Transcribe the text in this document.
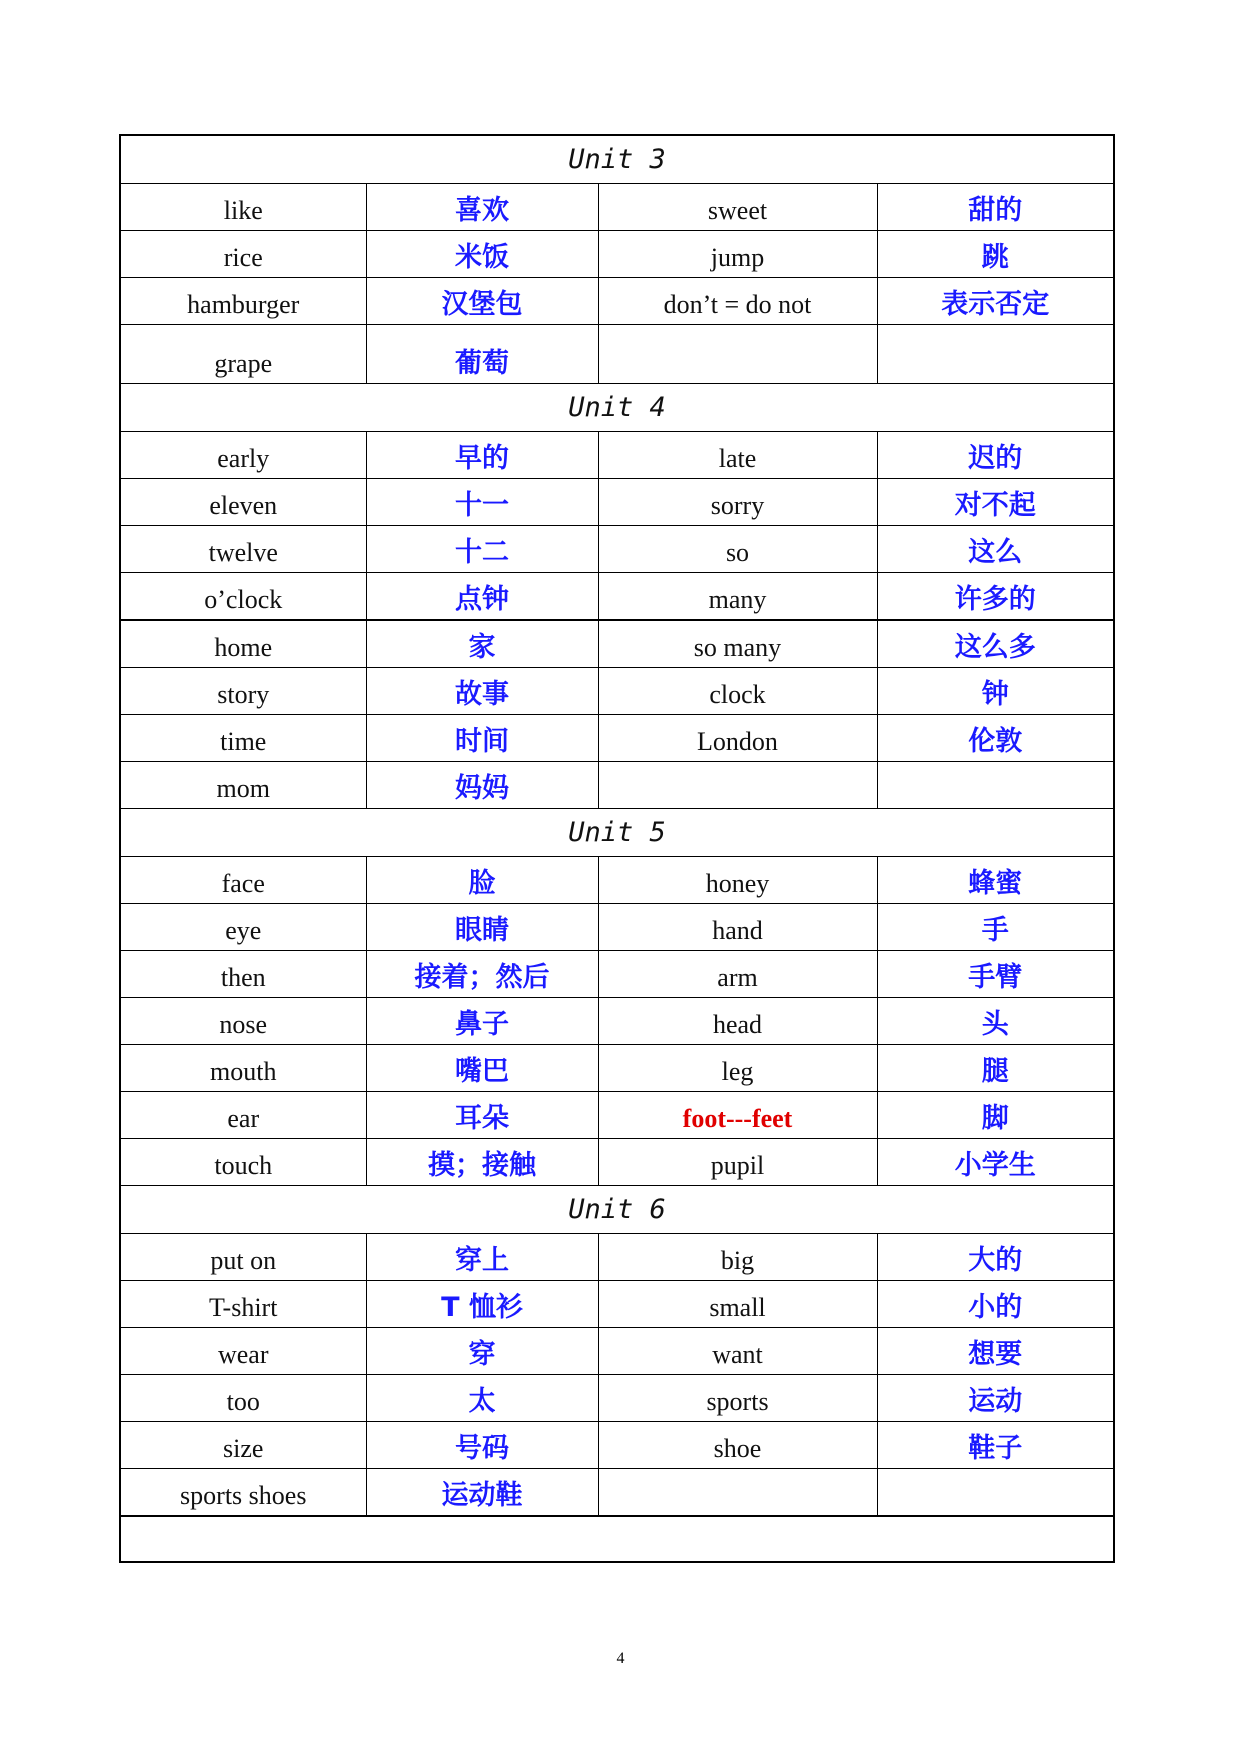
Unit 3			
like	喜欢	sweet	甜的
rice	米饭	jump	跳
hamburger	汉堡包	don’t = do not	表示否定
grape	葡萄		
Unit 4			
early	早的	late	迟的
eleven	十一	sorry	对不起
twelve	十二	so	这么
o’clock	点钟	many	许多的
home	家	so many	这么多
story	故事	clock	钟
time	时间	London	伦敦
mom	妈妈		
Unit 5			
face	脸	honey	蜂蜜
eye	眼睛	hand	手
then	接着；然后	arm	手臂
nose	鼻子	head	头
mouth	嘴巴	leg	腿
ear	耳朵	foot---feet	脚
touch	摸；接触	pupil	小学生
Unit 6			
put on	穿上	big	大的
T-shirt	T 恤衫	small	小的
wear	穿	want	想要
too	太	sports	运动
size	号码	shoe	鞋子
sports shoes	运动鞋		

4
